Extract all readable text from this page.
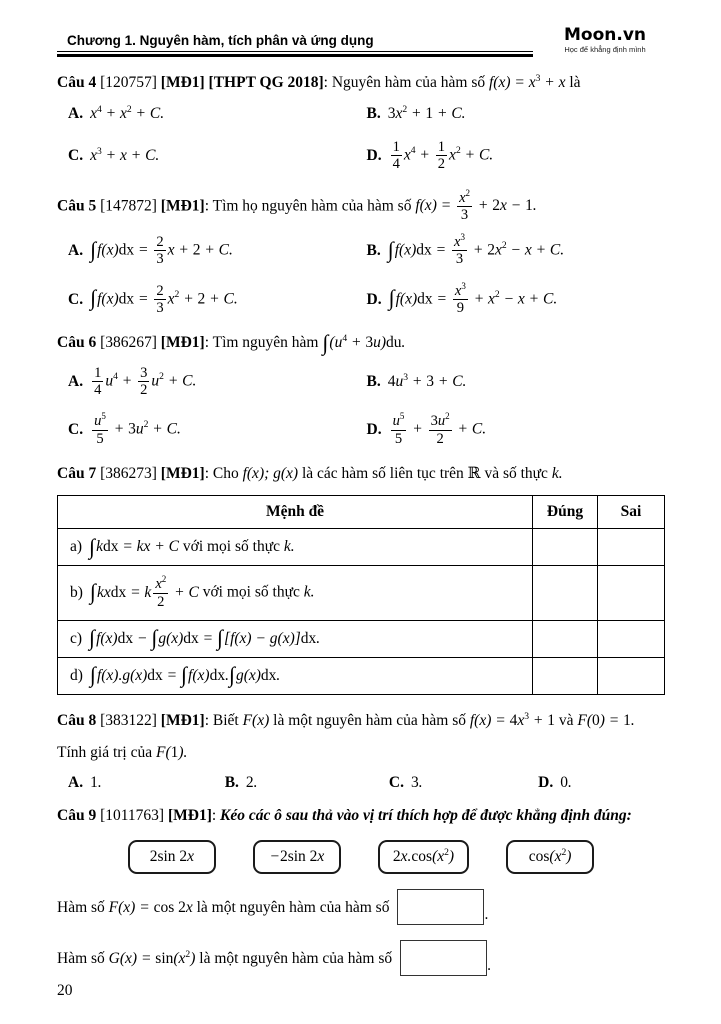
Chương 1. Nguyên hàm, tích phân và ứng dụng	Moon.vn
Học để khẳng định mình

Câu 4 [120757] [MĐ1] [THPT QG 2018]: Nguyên hàm của hàm số $f(x) = x^3 + x$ là

A. $x^4 + x^2 + C$.	B. $3x^2 + 1 + C$.
C. $x^3 + x + C$.	D. $\frac{1}{4} x^4 + \frac{1}{2} x^2 + C$.

Câu 5 [147872] [MĐ1]: Tìm họ nguyên hàm của hàm số $f(x) = \frac{x^2}{3} + 2x - 1$.

A. $\int f(x)dx = \frac{2}{3}$ x + 2 + C.	B. $\int f(x)dx = \frac{x^3}{3} + 2x^2 - x + C$.
C. $\int f(x)dx = \frac{2}{3} x^2 + 2 + C$.	D. $\int f(x)dx = \frac{x^3}{9} + x^2 - x + C$.

Câu 6 [386267] [MĐ1]: Tìm nguyên hàm $\int(u^4 + 3u)du$.

A. $\frac{1}{4} u^4 + \frac{3}{2} u^2 + C$.	B. $4u^3 + 3 + C$.
C. $\frac{u^5}{5} + 3u^2 + C$.	D. $\frac{u^5}{5} + \frac{3u^2}{2} + C$.

Câu 7 [386273] [MĐ1]: Cho f(x); g(x) là các hàm số liên tục trên ℝ và số thực k.

Mệnh đề	Đúng	Sai
a) ∫kdx = kx + C với mọi số thực k.		
b) ∫kxdx = k $\frac{x^2}{2} + C$ với mọi số thực k.		
c) ∫f(x)dx − ∫g(x)dx = ∫[f(x) − g(x)]dx.		
d) ∫f(x).g(x)dx = ∫f(x)dx.∫g(x)dx.		

Câu 8 [383122] [MĐ1]: Biết F(x) là một nguyên hàm của hàm số $f(x) = 4x^3 + 1$ và F(0) = 1.

Tính giá trị của F(1).

A. 1.	B. 2.	C. 3.	D. 0.

Câu 9 [1011763] [MĐ1]: Kéo các ô sau thả vào vị trí thích hợp để được khẳng định đúng:

2sin 2x	−2sin 2x	$2x.\cos(x^2)$	$\cos(x^2)$

Hàm số F(x) = cos 2x là một nguyên hàm của hàm số	.

Hàm số $G(x) = \sin(x^2)$ là một nguyên hàm của hàm số	.

20
